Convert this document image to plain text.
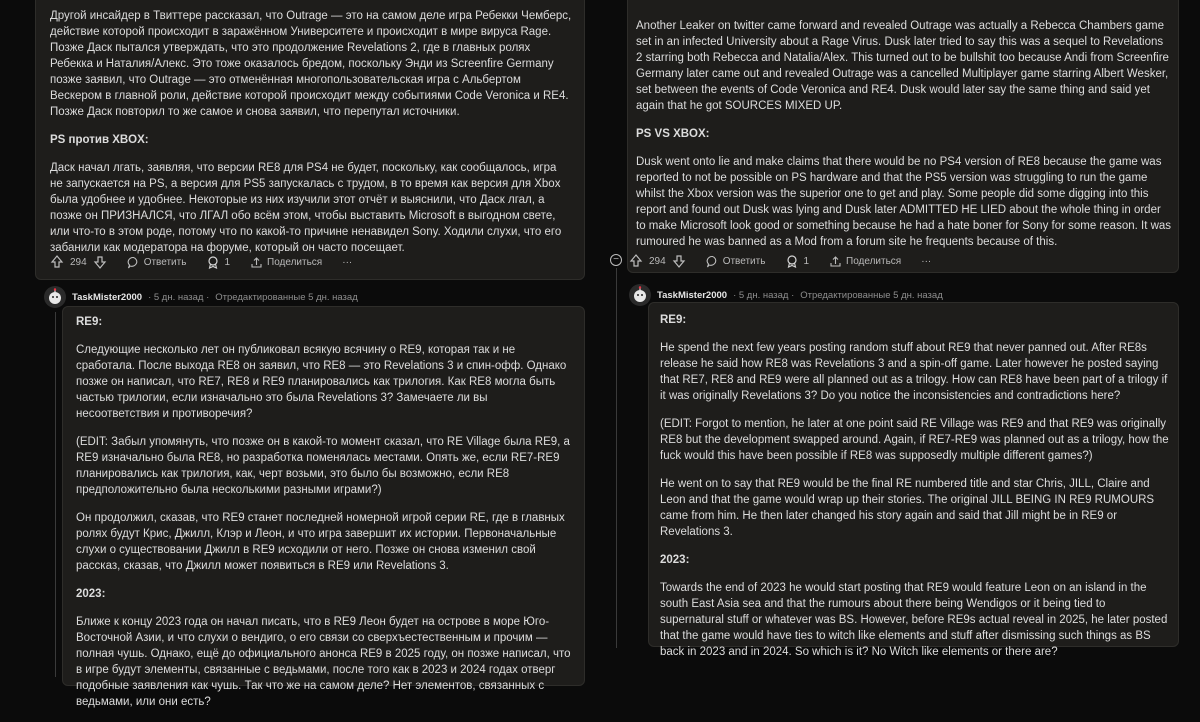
Другой инсайдер в Твиттере рассказал, что Outrage — это на самом деле игра Ребекки Чемберс, действие которой происходит в заражённом Университете и происходит в мире вируса Rage. Позже Даск пытался утверждать, что это продолжение Revelations 2, где в главных ролях Ребекка и Наталия/Алекс. Это тоже оказалось бредом, поскольку Энди из Screenfire Germany позже заявил, что Outrage — это отменённая многопользовательская игра с Альбертом Вескером в главной роли, действие которой происходит между событиями Code Veronica и RE4. Позже Даск повторил то же самое и снова заявил, что перепутал источники.

PS против XBOX:

Даск начал лгать, заявляя, что версии RE8 для PS4 не будет, поскольку, как сообщалось, игра не запускается на PS, а версия для PS5 запускалась с трудом, в то время как версия для Xbox была удобнее и удобнее. Некоторые из них изучили этот отчёт и выяснили, что Даск лгал, а позже он ПРИЗНАЛСЯ, что ЛГАЛ обо всём этом, чтобы выставить Microsoft в выгодном свете, или что-то в этом роде, потому что по какой-то причине ненавидел Sony. Ходили слухи, что его забанили как модератора на форуме, который он часто посещает.

294	Ответить	1	Поделиться ···
TaskMister2000 · 5 дн. назад · Отредактированные 5 дн. назад

RE9:

Следующие несколько лет он публиковал всякую всячину о RE9, которая так и не сработала. После выхода RE8 он заявил, что RE8 — это Revelations 3 и спин-офф. Однако позже он написал, что RE7, RE8 и RE9 планировались как трилогия. Как RE8 могла быть частью трилогии, если изначально это была Revelations 3? Замечаете ли вы несоответствия и противоречия?

(EDIT: Забыл упомянуть, что позже он в какой-то момент сказал, что RE Village была RE9, а RE9 изначально была RE8, но разработка поменялась местами. Опять же, если RE7-RE9 планировались как трилогия, как, черт возьми, это было бы возможно, если RE8 предположительно была несколькими разными играми?)

Он продолжил, сказав, что RE9 станет последней номерной игрой серии RE, где в главных ролях будут Крис, Джилл, Клэр и Леон, и что игра завершит их истории. Первоначальные слухи о существовании Джилл в RE9 исходили от него. Позже он снова изменил свой рассказ, сказав, что Джилл может появиться в RE9 или Revelations 3.

2023:

Ближе к концу 2023 года он начал писать, что в RE9 Леон будет на острове в море Юго-Восточной Азии, и что слухи о вендиго, о его связи со сверхъестественным и прочим — полная чушь. Однако, ещё до официального анонса RE9 в 2025 году, он позже написал, что в игре будут элементы, связанные с ведьмами, после того как в 2023 и 2024 годах отверг подобные заявления как чушь. Так что же на самом деле? Нет элементов, связанных с ведьмами, или они есть?

Another Leaker on twitter came forward and revealed Outrage was actually a Rebecca Chambers game set in an infected University about a Rage Virus. Dusk later tried to say this was a sequel to Revelations 2 starring both Rebecca and Natalia/Alex. This turned out to be bullshit too because Andi from Screenfire Germany later came out and revealed Outrage was a cancelled Multiplayer game starring Albert Wesker, set between the events of Code Veronica and RE4. Dusk would later say the same thing and said yet again that he got SOURCES MIXED UP.

PS VS XBOX:

Dusk went onto lie and make claims that there would be no PS4 version of RE8 because the game was reported to not be possible on PS hardware and that the PS5 version was struggling to run the game whilst the Xbox version was the superior one to get and play. Some people did some digging into this report and found out Dusk was lying and Dusk later ADMITTED HE LIED about the whole thing in order to make Microsoft look good or something because he had a hate boner for Sony for some reason. It was rumoured he was banned as a Mod from a forum site he frequents because of this.

−	294	Ответить	1	Поделиться ···
TaskMister2000 · 5 дн. назад · Отредактированные 5 дн. назад

RE9:

He spend the next few years posting random stuff about RE9 that never panned out. After RE8s release he said how RE8 was Revelations 3 and a spin-off game. Later however he posted saying that RE7, RE8 and RE9 were all planned out as a trilogy. How can RE8 have been part of a trilogy if it was originally Revelations 3? Do you notice the inconsistencies and contradictions here?

(EDIT: Forgot to mention, he later at one point said RE Village was RE9 and that RE9 was originally RE8 but the development swapped around. Again, if RE7-RE9 was planned out as a trilogy, how the fuck would this have been possible if RE8 was supposedly multiple different games?)

He went on to say that RE9 would be the final RE numbered title and star Chris, JILL, Claire and Leon and that the game would wrap up their stories. The original JILL BEING IN RE9 RUMOURS came from him. He then later changed his story again and said that Jill might be in RE9 or Revelations 3.

2023:

Towards the end of 2023 he would start posting that RE9 would feature Leon on an island in the south East Asia sea and that the rumours about there being Wendigos or it being tied to supernatural stuff or whatever was BS. However, before RE9s actual reveal in 2025, he later posted that the game would have ties to witch like elements and stuff after dismissing such things as BS back in 2023 and in 2024. So which is it? No Witch like elements or there are?
